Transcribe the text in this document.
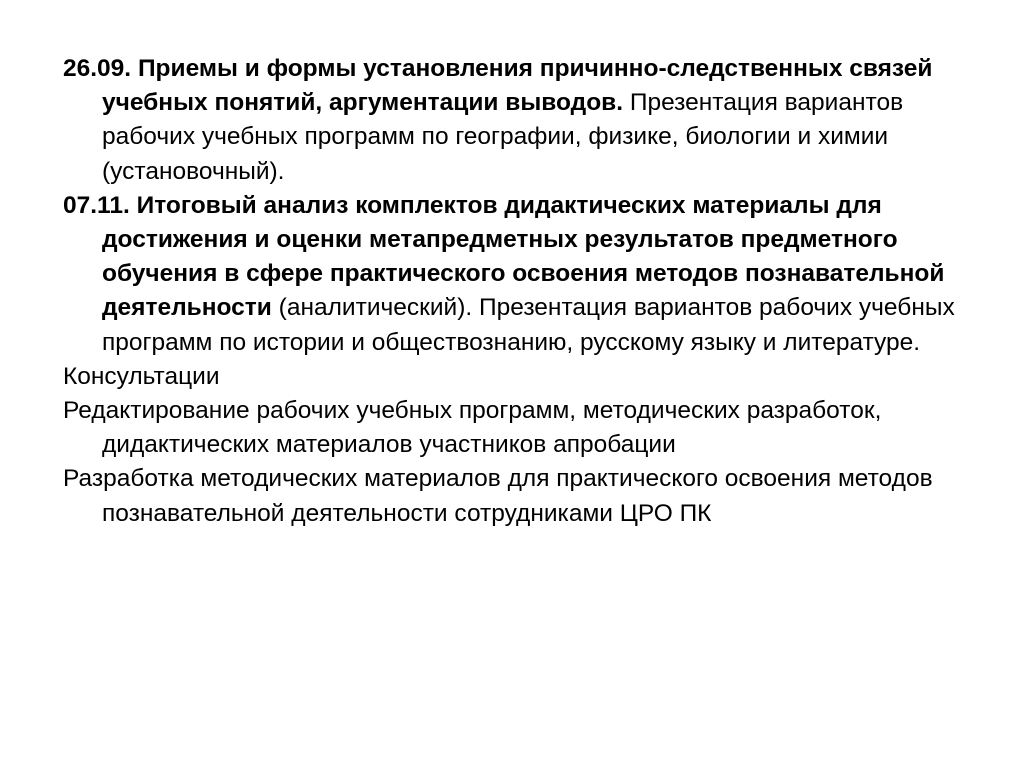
26.09. Приемы и формы установления причинно-следственных связей учебных понятий, аргументации выводов. Презентация вариантов рабочих учебных программ по географии, физике, биологии и химии (установочный).

07.11. Итоговый анализ комплектов дидактических материалы для достижения и оценки метапредметных результатов предметного обучения в сфере практического освоения методов познавательной деятельности (аналитический). Презентация вариантов рабочих учебных программ по истории и обществознанию, русскому языку и литературе.

Консультации

Редактирование рабочих учебных программ, методических разработок, дидактических материалов участников апробации

Разработка методических материалов для практического освоения методов познавательной деятельности сотрудниками ЦРО ПК
